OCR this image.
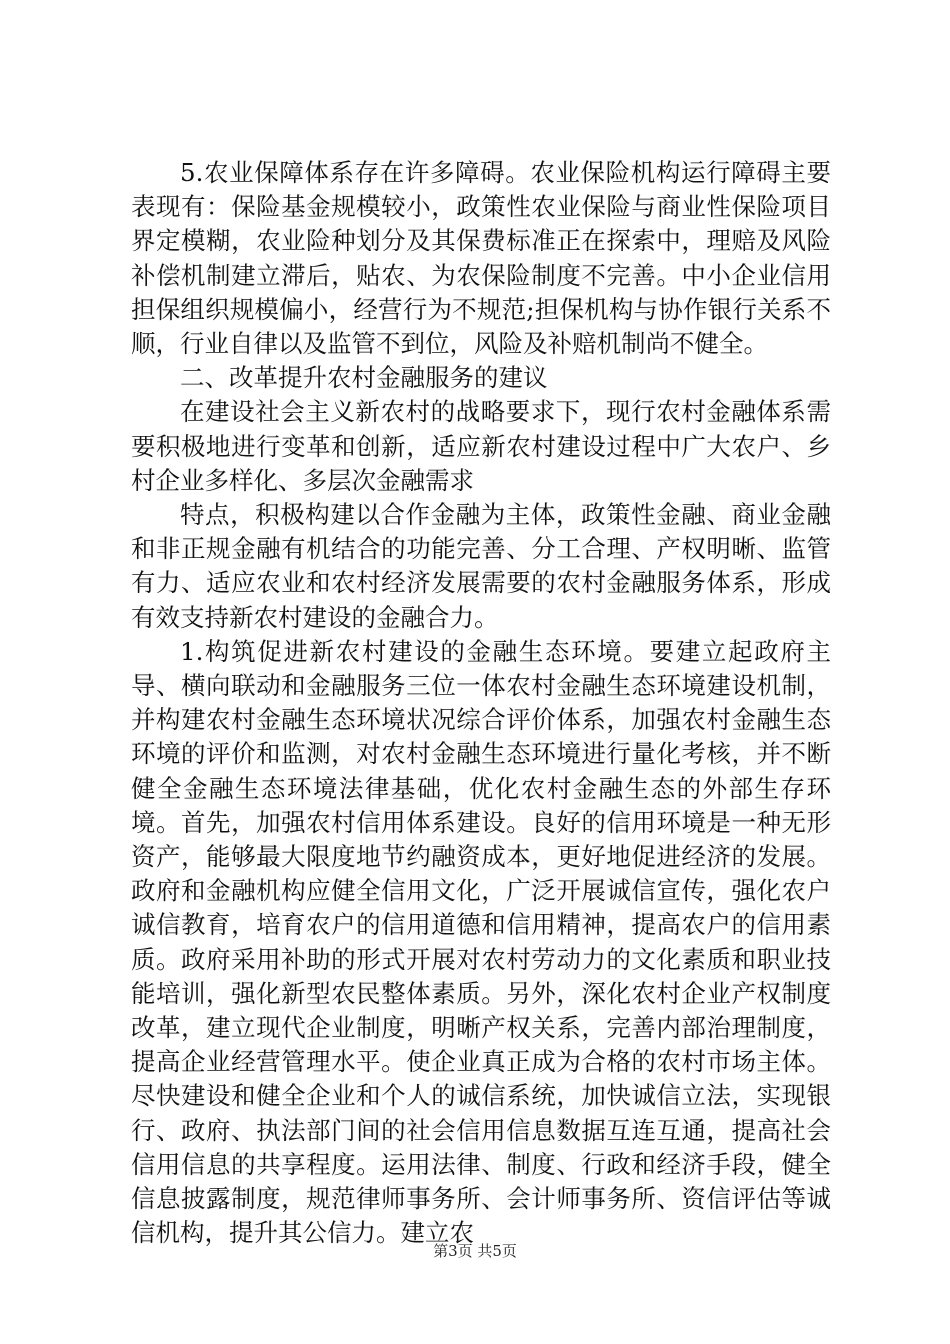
5.农业保障体系存在许多障碍。农业保险机构运行障碍主要表现有：保险基金规模较小，政策性农业保险与商业性保险项目界定模糊，农业险种划分及其保费标准正在探索中，理赔及风险补偿机制建立滞后，贴农、为农保险制度不完善。中小企业信用担保组织规模偏小，经营行为不规范;担保机构与协作银行关系不顺，行业自律以及监管不到位，风险及补赔机制尚不健全。

二、改革提升农村金融服务的建议

在建设社会主义新农村的战略要求下，现行农村金融体系需要积极地进行变革和创新，适应新农村建设过程中广大农户、乡村企业多样化、多层次金融需求

特点，积极构建以合作金融为主体，政策性金融、商业金融和非正规金融有机结合的功能完善、分工合理、产权明晰、监管有力、适应农业和农村经济发展需要的农村金融服务体系，形成有效支持新农村建设的金融合力。

1.构筑促进新农村建设的金融生态环境。要建立起政府主导、横向联动和金融服务三位一体农村金融生态环境建设机制，并构建农村金融生态环境状况综合评价体系，加强农村金融生态环境的评价和监测，对农村金融生态环境进行量化考核，并不断健全金融生态环境法律基础，优化农村金融生态的外部生存环境。首先，加强农村信用体系建设。良好的信用环境是一种无形资产，能够最大限度地节约融资成本，更好地促进经济的发展。政府和金融机构应健全信用文化，广泛开展诚信宣传，强化农户诚信教育，培育农户的信用道德和信用精神，提高农户的信用素质。政府采用补助的形式开展对农村劳动力的文化素质和职业技能培训，强化新型农民整体素质。另外，深化农村企业产权制度改革，建立现代企业制度，明晰产权关系，完善内部治理制度，提高企业经营管理水平。使企业真正成为合格的农村市场主体。尽快建设和健全企业和个人的诚信系统，加快诚信立法，实现银行、政府、执法部门间的社会信用信息数据互连互通，提高社会信用信息的共享程度。运用法律、制度、行政和经济手段，健全信息披露制度，规范律师事务所、会计师事务所、资信评估等诚信机构，提升其公信力。建立农

第3页 共5页
